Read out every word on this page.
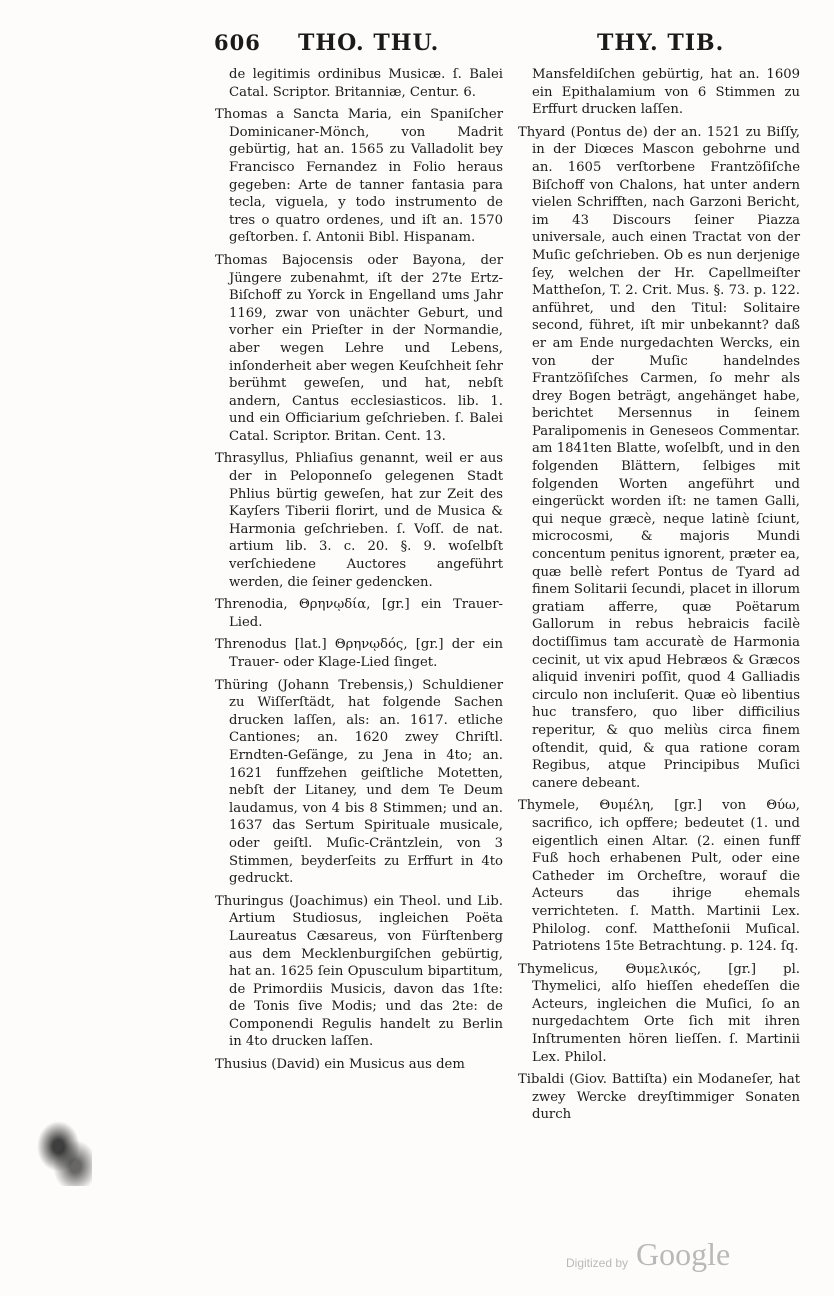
606 THO. THU.	THY. TIB.

de legitimis ordinibus Musicæ. ſ. Balei Catal. Scriptor. Britanniæ, Centur. 6.

Thomas a Sancta Maria, ein Spaniſcher Dominicaner-Mönch, von Madrit gebürtig, hat an. 1565 zu Valladolit bey Francisco Fernandez in Folio heraus gegeben: Arte de tanner fantasia para tecla, viguela, y todo instrumento de tres o quatro ordenes, und iſt an. 1570 geſtorben. ſ. Antonii Bibl. Hispanam.

Thomas Bajocensis oder Bayona, der Jüngere zubenahmt, iſt der 27te Ertz-Biſchoff zu Yorck in Engelland ums Jahr 1169, zwar von unächter Geburt, und vorher ein Prieſter in der Normandie, aber wegen Lehre und Lebens, inſonderheit aber wegen Keuſchheit ſehr berühmt geweſen, und hat, nebſt andern, Cantus ecclesiasticos. lib. 1. und ein Officiarium geſchrieben. ſ. Balei Catal. Scriptor. Britan. Cent. 13.

Thrasyllus, Phliaſius genannt, weil er aus der in Peloponneſo gelegenen Stadt Phlius bürtig geweſen, hat zur Zeit des Kayſers Tiberii florirt, und de Musica & Harmonia geſchrieben. ſ. Voſſ. de nat. artium lib. 3. c. 20. §. 9. woſelbſt verſchiedene Auctores angeführt werden, die ſeiner gedencken.

Threnodia, Θρηνῳδία, [gr.] ein Trauer-Lied.

Threnodus [lat.] Θρηνῳδός, [gr.] der ein Trauer- oder Klage-Lied ſinget.

Thüring (Johann Trebensis,) Schuldiener zu Wiſſerſtädt, hat folgende Sachen drucken laſſen, als: an. 1617. etliche Cantiones; an. 1620 zwey Chriſtl. Erndten-Geſänge, zu Jena in 4to; an. 1621 funffzehen geiſtliche Motetten, nebſt der Litaney, und dem Te Deum laudamus, von 4 bis 8 Stimmen; und an. 1637 das Sertum Spirituale musicale, oder geiſtl. Muſic-Cräntzlein, von 3 Stimmen, beyderſeits zu Erffurt in 4to gedruckt.

Thuringus (Joachimus) ein Theol. und Lib. Artium Studiosus, ingleichen Poëta Laureatus Cæsareus, von Fürſtenberg aus dem Mecklenburgiſchen gebürtig, hat an. 1625 ſein Opusculum bipartitum, de Primordiis Musicis, davon das 1ſte: de Tonis ſive Modis; und das 2te: de Componendi Regulis handelt zu Berlin in 4to drucken laſſen.

Thusius (David) ein Musicus aus dem

Mansfeldiſchen gebürtig, hat an. 1609 ein Epithalamium von 6 Stimmen zu Erffurt drucken laſſen.

Thyard (Pontus de) der an. 1521 zu Biſſy, in der Diœces Mascon gebohrne und an. 1605 verſtorbene Frantzöſiſche Biſchoff von Chalons, hat unter andern vielen Schrifften, nach Garzoni Bericht, im 43 Discours ſeiner Piazza universale, auch einen Tractat von der Muſic geſchrieben. Ob es nun derjenige ſey, welchen der Hr. Capellmeiſter Mattheſon, T. 2. Crit. Mus. §. 73. p. 122. anführet, und den Titul: Solitaire second, führet, iſt mir unbekannt? daß er am Ende nurgedachten Wercks, ein von der Muſic handelndes Frantzöſiſches Carmen, ſo mehr als drey Bogen beträgt, angehänget habe, berichtet Mersennus in ſeinem Paralipomenis in Geneseos Commentar. am 1841ten Blatte, woſelbſt, und in den folgenden Blättern, ſelbiges mit folgenden Worten angeführt und eingerückt worden iſt: ne tamen Galli, qui neque græcè, neque latinè ſciunt, microcosmi, & majoris Mundi concentum penitus ignorent, præter ea, quæ bellè refert Pontus de Tyard ad finem Solitarii ſecundi, placet in illorum gratiam afferre, quæ Poëtarum Gallorum in rebus hebraicis facilè doctiſſimus tam accuratè de Harmonia cecinit, ut vix apud Hebræos & Græcos aliquid inveniri poſſit, quod 4 Galliadis circulo non incluſerit. Quæ eò libentius huc transfero, quo liber difficilius reperitur, & quo meliùs circa finem oſtendit, quid, & qua ratione coram Regibus, atque Principibus Muſici canere debeant.

Thymele, Θυμέλη, [gr.] von Θύω, sacrifico, ich opffere; bedeutet (1. und eigentlich einen Altar. (2. einen funff Fuß hoch erhabenen Pult, oder eine Catheder im Orcheſtre, worauf die Acteurs das ihrige ehemals verrichteten. ſ. Matth. Martinii Lex. Philolog. conf. Mattheſonii Muſical. Patriotens 15te Betrachtung. p. 124. ſq.

Thymelicus, Θυμελικός, [gr.] pl. Thymelici, alſo hieſſen ehedeſſen die Acteurs, ingleichen die Muſici, ſo an nurgedachtem Orte ſich mit ihren Inſtrumenten hören lieſſen. ſ. Martinii Lex. Philol.

Tibaldi (Giov. Battiſta) ein Modaneſer, hat zwey Wercke dreyſtimmiger Sonaten durch

Digitized by Google
